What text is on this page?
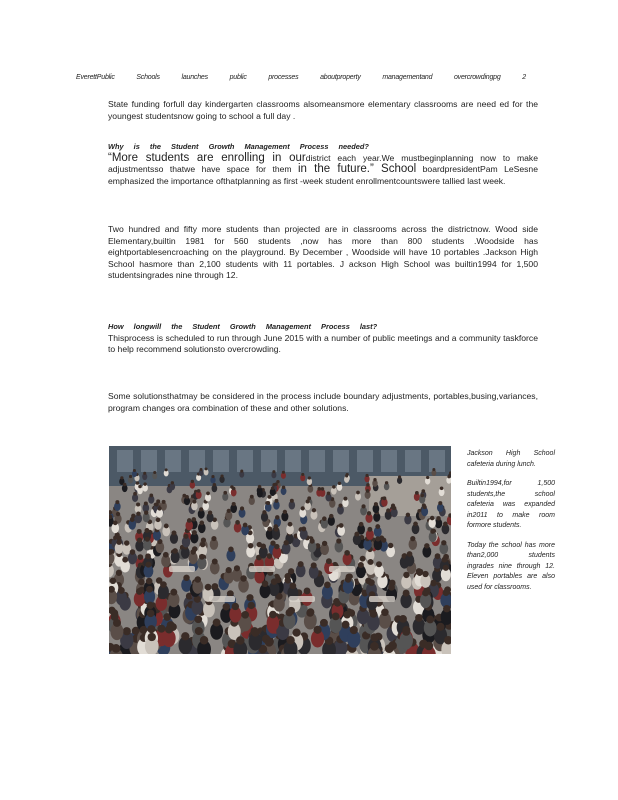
EverettPublic	Schools	launches	public	processes	aboutproperty	managementand	overcrowdingpg	2

State funding forfull day kindergarten classrooms alsomeansmore elementary classrooms are need ed for the youngest studentsnow going to school a full day .

Why is the Student Growth Management Process needed?

“More students are enrolling in ourdistrict each year.We mustbeginplanning now to make adjustmentsso thatwe have space for them in the future.” School boardpresidentPam LeSesne emphasized the importance ofthatplanning as first -week student enrollmentcountswere tallied last week.

Two hundred and fifty more students than projected are in classrooms across the districtnow. Wood side Elementary,builtin 1981 for 560 students ,now has more than 800 students .Woodside has eightportablesencroaching on the playground. By December , Woodside will have 10 portables .Jackson High School hasmore than 2,100 students with 11 portables. J ackson High School was builtin1994 for 1,500 studentsingrades nine through 12.

How longwill the Student Growth Management Process last?

Thisprocess is scheduled to run through June 2015 with a number of public meetings and a community taskforce to help recommend solutionsto overcrowding.

Some solutionsthatmay be considered in the process include boundary adjustments, portables,busing,variances, program changes ora combination of these and other solutions.

Jackson High School cafeteria during lunch.

Builtin1994,for 1,500 students,the school cafeteria was expanded in2011 to make room formore students.

Today the school has more than2,000 students ingrades nine through 12. Eleven portables are also used for classrooms.
